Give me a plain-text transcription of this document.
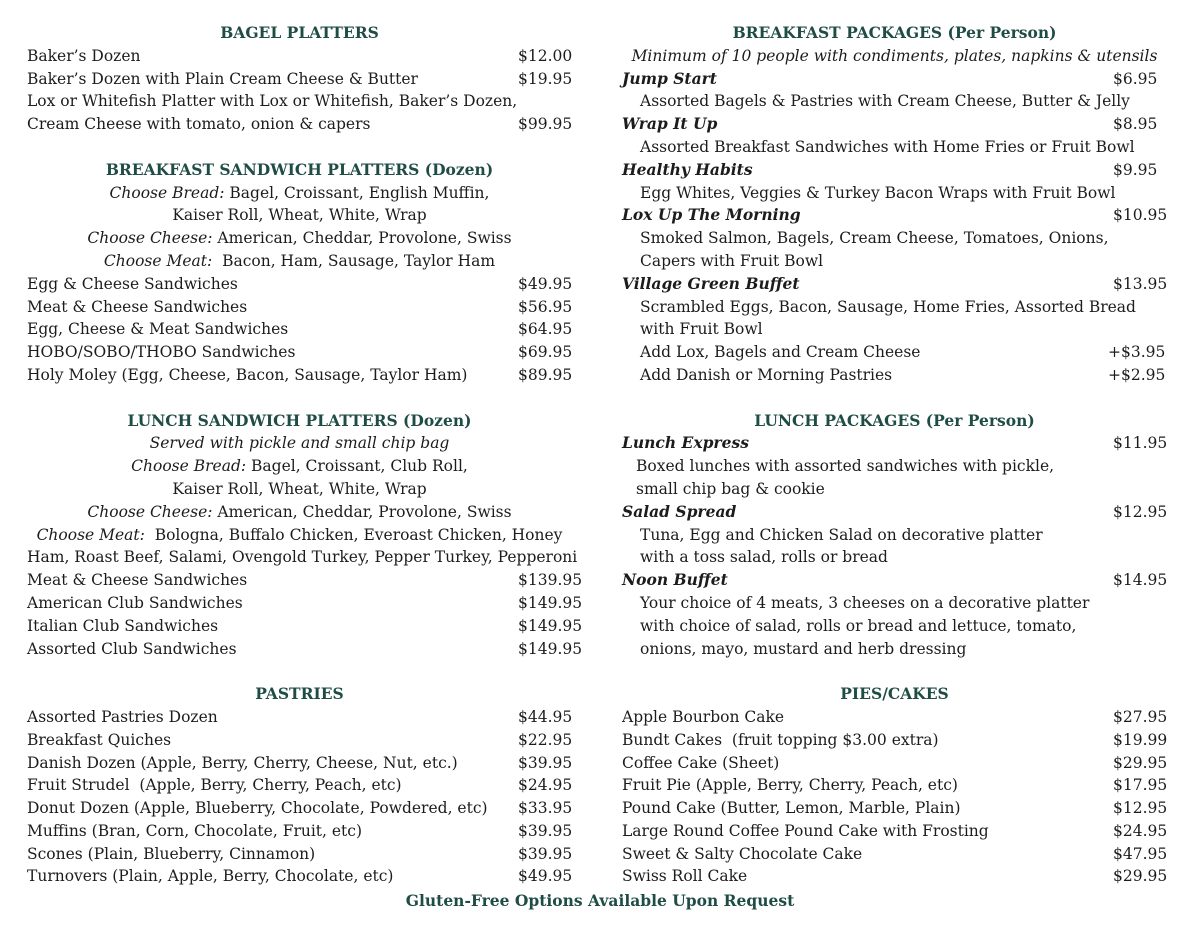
BAGEL PLATTERS
Baker’s Dozen	$12.00
Baker’s Dozen with Plain Cream Cheese & Butter	$19.95
Lox or Whitefish Platter with Lox or Whitefish, Baker’s Dozen,
Cream Cheese with tomato, onion & capers	$99.95
BREAKFAST SANDWICH PLATTERS (Dozen)
Choose Bread: Bagel, Croissant, English Muffin,
Kaiser Roll, Wheat, White, Wrap
Choose Cheese: American, Cheddar, Provolone, Swiss
Choose Meat:  Bacon, Ham, Sausage, Taylor Ham
Egg & Cheese Sandwiches	$49.95
Meat & Cheese Sandwiches	$56.95
Egg, Cheese & Meat Sandwiches	$64.95
HOBO/SOBO/THOBO Sandwiches	$69.95
Holy Moley (Egg, Cheese, Bacon, Sausage, Taylor Ham)	$89.95
LUNCH SANDWICH PLATTERS (Dozen)
Served with pickle and small chip bag
Choose Bread: Bagel, Croissant, Club Roll,
Kaiser Roll, Wheat, White, Wrap
Choose Cheese: American, Cheddar, Provolone, Swiss
Choose Meat:  Bologna, Buffalo Chicken, Everoast Chicken, Honey
Ham, Roast Beef, Salami, Ovengold Turkey, Pepper Turkey, Pepperoni
Meat & Cheese Sandwiches	$139.95
American Club Sandwiches	$149.95
Italian Club Sandwiches	$149.95
Assorted Club Sandwiches	$149.95
PASTRIES
Assorted Pastries Dozen	$44.95
Breakfast Quiches	$22.95
Danish Dozen (Apple, Berry, Cherry, Cheese, Nut, etc.)	$39.95
Fruit Strudel  (Apple, Berry, Cherry, Peach, etc)	$24.95
Donut Dozen (Apple, Blueberry, Chocolate, Powdered, etc) $33.95
Muffins (Bran, Corn, Chocolate, Fruit, etc)	$39.95
Scones (Plain, Blueberry, Cinnamon)	$39.95
Turnovers (Plain, Apple, Berry, Chocolate, etc)	$49.95
BREAKFAST PACKAGES (Per Person)
Minimum of 10 people with condiments, plates, napkins & utensils
Jump Start	$6.95
Assorted Bagels & Pastries with Cream Cheese, Butter & Jelly
Wrap It Up	$8.95
Assorted Breakfast Sandwiches with Home Fries or Fruit Bowl
Healthy Habits	$9.95
Egg Whites, Veggies & Turkey Bacon Wraps with Fruit Bowl
Lox Up The Morning	$10.95
Smoked Salmon, Bagels, Cream Cheese, Tomatoes, Onions,
Capers with Fruit Bowl
Village Green Buffet	$13.95
Scrambled Eggs, Bacon, Sausage, Home Fries, Assorted Bread
with Fruit Bowl
Add Lox, Bagels and Cream Cheese	+$3.95
Add Danish or Morning Pastries	+$2.95
LUNCH PACKAGES (Per Person)
Lunch Express	$11.95
Boxed lunches with assorted sandwiches with pickle,
small chip bag & cookie
Salad Spread	$12.95
Tuna, Egg and Chicken Salad on decorative platter
with a toss salad, rolls or bread
Noon Buffet	$14.95
Your choice of 4 meats, 3 cheeses on a decorative platter
with choice of salad, rolls or bread and lettuce, tomato,
onions, mayo, mustard and herb dressing
PIES/CAKES
Apple Bourbon Cake	$27.95
Bundt Cakes  (fruit topping $3.00 extra)	$19.99
Coffee Cake (Sheet)	$29.95
Fruit Pie (Apple, Berry, Cherry, Peach, etc)	$17.95
Pound Cake (Butter, Lemon, Marble, Plain)	$12.95
Large Round Coffee Pound Cake with Frosting	$24.95
Sweet & Salty Chocolate Cake	$47.95
Swiss Roll Cake	$29.95
Gluten-Free Options Available Upon Request
